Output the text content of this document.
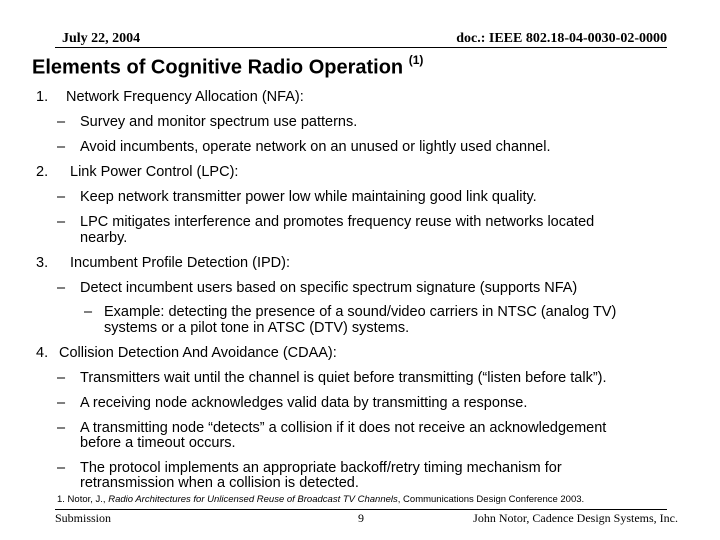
July 22, 2004	doc.: IEEE 802.18-04-0030-02-0000
Elements of Cognitive Radio Operation $^{(1)}$
1. Network Frequency Allocation (NFA):
– Survey and monitor spectrum use patterns.
– Avoid incumbents, operate network on an unused or lightly used channel.
2. Link Power Control (LPC):
– Keep network transmitter power low while maintaining good link quality.
– LPC mitigates interference and promotes frequency reuse with networks located
nearby.
3. Incumbent Profile Detection (IPD):
– Detect incumbent users based on specific spectrum signature (supports NFA)
– Example: detecting the presence of a sound/video carriers in NTSC (analog TV)
systems or a pilot tone in ATSC (DTV) systems.
4. Collision Detection And Avoidance (CDAA):
– Transmitters wait until the channel is quiet before transmitting (“listen before talk”).
– A receiving node acknowledges valid data by transmitting a response.
– A transmitting node “detects” a collision if it does not receive an acknowledgement
before a timeout occurs.
– The protocol implements an appropriate backoff/retry timing mechanism for
retransmission when a collision is detected.
1. Notor, J., Radio Architectures for Unlicensed Reuse of Broadcast TV Channels, Communications Design Conference 2003.
Submission	9	John Notor, Cadence Design Systems, Inc.
